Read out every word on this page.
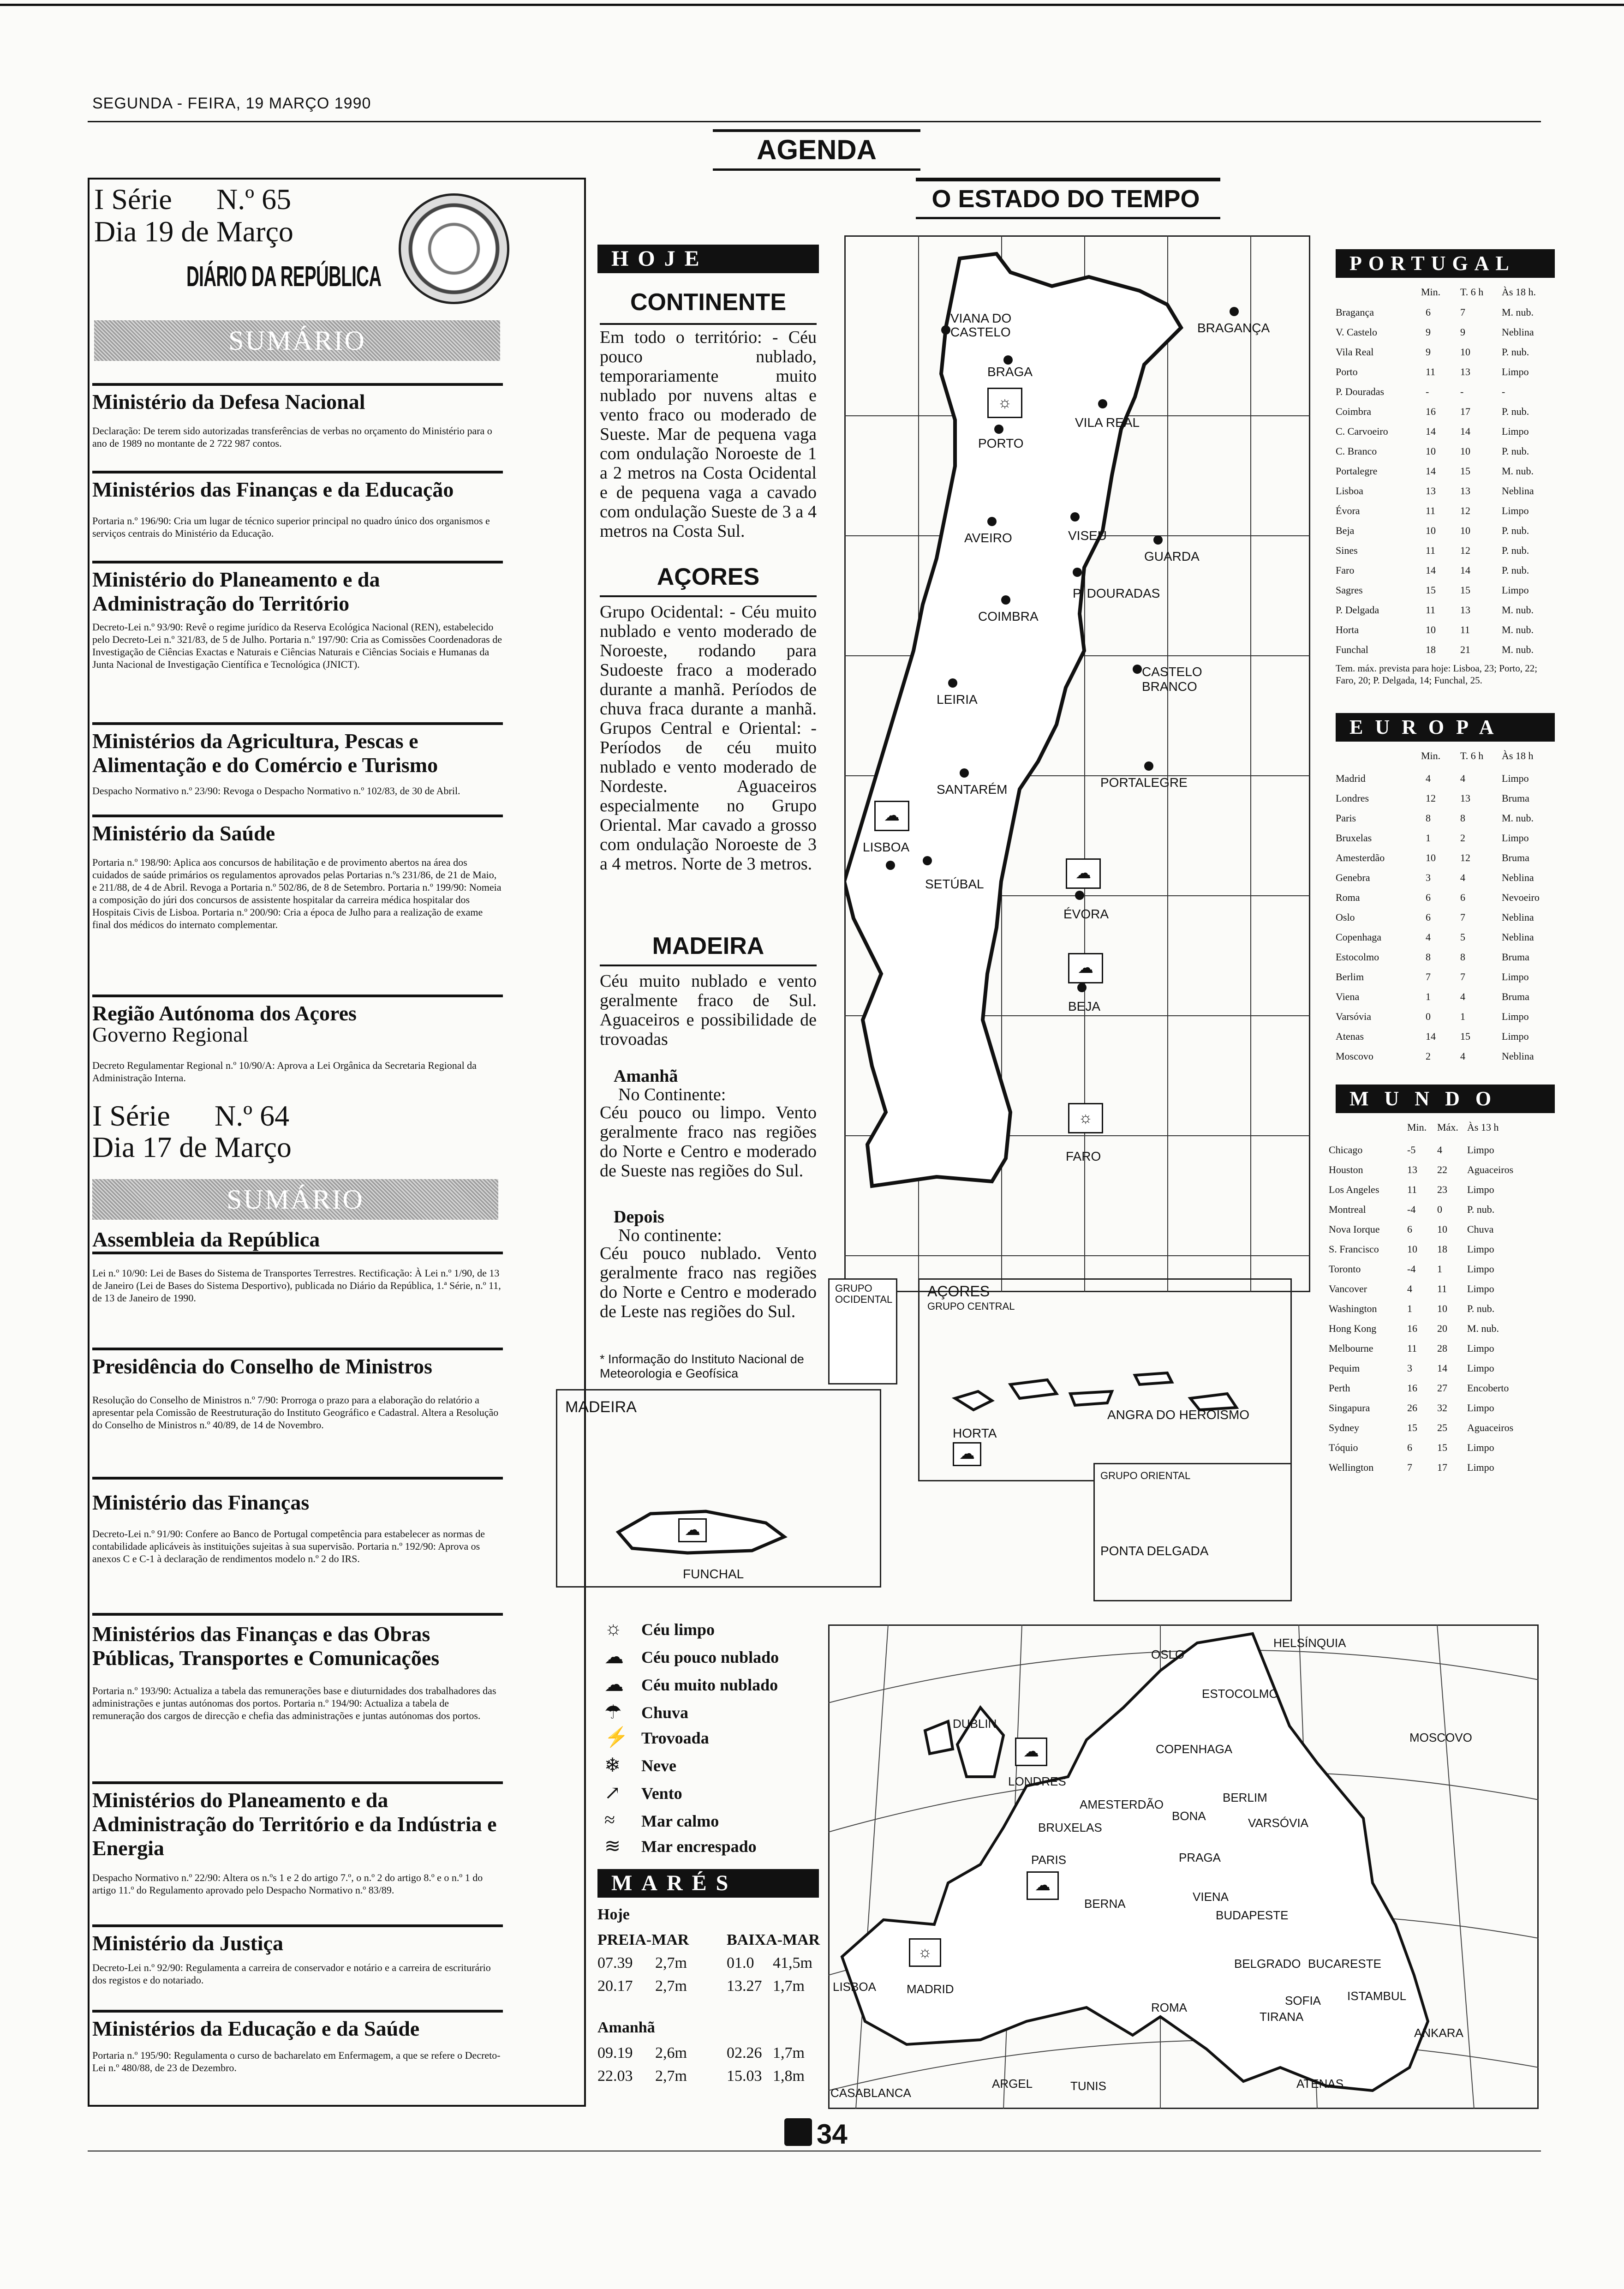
SEGUNDA - FEIRA, 19 MARÇO 1990
AGENDA
O ESTADO DO TEMPO
I Série N.º 65
Dia 19 de Março
DIÁRIO DA REPÚBLICA
SUMÁRIO
Ministério da Defesa Nacional
Declaração: De terem sido autorizadas transferências de verbas no orçamento do Ministério para o ano de 1989 no montante de 2 722 987 contos.
Ministérios das Finanças e da Educação
Portaria n.º 196/90: Cria um lugar de técnico superior principal no quadro único dos organismos e serviços centrais do Ministério da Educação.
Ministério do Planeamento e da Administração do Território
Decreto-Lei n.º 93/90: Revê o regime jurídico da Reserva Ecológica Nacional (REN), estabelecido pelo Decreto-Lei n.º 321/83, de 5 de Julho. Portaria n.º 197/90: Cria as Comissões Coordenadoras de Investigação de Ciências Exactas e Naturais e Ciências Naturais e Ciências Sociais e Humanas da Junta Nacional de Investigação Científica e Tecnológica (JNICT).
Ministérios da Agricultura, Pescas e Alimentação e do Comércio e Turismo
Despacho Normativo n.º 23/90: Revoga o Despacho Normativo n.º 102/83, de 30 de Abril.
Ministério da Saúde
Portaria n.º 198/90: Aplica aos concursos de habilitação e de provimento abertos na área dos cuidados de saúde primários os regulamentos aprovados pelas Portarias n.ºs 231/86, de 21 de Maio, e 211/88, de 4 de Abril. Revoga a Portaria n.º 502/86, de 8 de Setembro. Portaria n.º 199/90: Nomeia a composição do júri dos concursos de assistente hospitalar da carreira médica hospitalar dos Hospitais Civis de Lisboa. Portaria n.º 200/90: Cria a época de Julho para a realização de exame final dos médicos do internato complementar.
Região Autónoma dos Açores
Governo Regional
Decreto Regulamentar Regional n.º 10/90/A: Aprova a Lei Orgânica da Secretaria Regional da Administração Interna.
I Série N.º 64
Dia 17 de Março
SUMÁRIO
Assembleia da República
Lei n.º 10/90: Lei de Bases do Sistema de Transportes Terrestres. Rectificação: À Lei n.º 1/90, de 13 de Janeiro (Lei de Bases do Sistema Desportivo), publicada no Diário da República, 1.ª Série, n.º 11, de 13 de Janeiro de 1990.
Presidência do Conselho de Ministros
Resolução do Conselho de Ministros n.º 7/90: Prorroga o prazo para a elaboração do relatório a apresentar pela Comissão de Reestruturação do Instituto Geográfico e Cadastral. Altera a Resolução do Conselho de Ministros n.º 40/89, de 14 de Novembro.
Ministério das Finanças
Decreto-Lei n.º 91/90: Confere ao Banco de Portugal competência para estabelecer as normas de contabilidade aplicáveis às instituições sujeitas à sua supervisão. Portaria n.º 192/90: Aprova os anexos C e C-1 à declaração de rendimentos modelo n.º 2 do IRS.
Ministérios das Finanças e das Obras Públicas, Transportes e Comunicações
Portaria n.º 193/90: Actualiza a tabela das remunerações base e diuturnidades dos trabalhadores das administrações e juntas autónomas dos portos. Portaria n.º 194/90: Actualiza a tabela de remuneração dos cargos de direcção e chefia das administrações e juntas autónomas dos portos.
Ministérios do Planeamento e da Administração do Território e da Indústria e Energia
Despacho Normativo n.º 22/90: Altera os n.ºs 1 e 2 do artigo 7.º, o n.º 2 do artigo 8.º e o n.º 1 do artigo 11.º do Regulamento aprovado pelo Despacho Normativo n.º 83/89.
Ministério da Justiça
Decreto-Lei n.º 92/90: Regulamenta a carreira de conservador e notário e a carreira de escriturário dos registos e do notariado.
Ministérios da Educação e da Saúde
Portaria n.º 195/90: Regulamenta o curso de bacharelato em Enfermagem, a que se refere o Decreto-Lei n.º 480/88, de 23 de Dezembro.
HOJE
CONTINENTE
Em todo o território: - Céu pouco nublado, temporariamente muito nublado por nuvens altas e vento fraco ou moderado de Sueste. Mar de pequena vaga com ondulação Noroeste de 1 a 2 metros na Costa Ocidental e de pequena vaga a cavado com ondulação Sueste de 3 a 4 metros na Costa Sul.
AÇORES
Grupo Ocidental: - Céu muito nublado e vento moderado de Noroeste, rodando para Sudoeste fraco a moderado durante a manhã. Períodos de chuva fraca durante a manhã. Grupos Central e Oriental: -Períodos de céu muito nublado e vento moderado de Nordeste. Aguaceiros especialmente no Grupo Oriental. Mar cavado a grosso com ondulação Noroeste de 3 a 4 metros. Norte de 3 metros.
MADEIRA
Céu muito nublado e vento geralmente fraco de Sul. Aguaceiros e possibilidade de trovoadas
Amanhã
No Continente:
Céu pouco ou limpo. Vento geralmente fraco nas regiões do Norte e Centro e moderado de Sueste nas regiões do Sul.
Depois
No continente:
Céu pouco nublado. Vento geralmente fraco nas regiões do Norte e Centro e moderado de Leste nas regiões do Sul.
* Informação do Instituto Nacional de Meteorologia e Geofísica
VIANA DO CASTELO
BRAGA
BRAGANÇA
☼
PORTO
VILA REAL
AVEIRO	VISEU
GUARDA
P. DOURADAS
COIMBRA
CASTELO BRANCO
LEIRIA
SANTARÉM	PORTALEGRE
☁
LISBOA
SETÚBAL
☁
ÉVORA
☁
BEJA
☼
FARO
GRUPO OCIDENTAL AÇORES
GRUPO CENTRAL
HORTA
☁
ANGRA DO HEROÍSMO
GRUPO ORIENTAL
PONTA DELGADA
MADEIRA
☁
FUNCHAL
☼ Céu limpo
☁ Céu pouco nublado
☁ Céu muito nublado
☂ Chuva
⚡ Trovoada
❄ Neve
↗ Vento
≈ Mar calmo
≋ Mar encrespado
MARÉS
Hoje
PREIA-MAR BAIXA-MAR
07.39 2,7m	01.0 41,5m
20.17 2,7m	13.27 1,7m
Amanhã
09.19 2,6m	02.26 1,7m
22.03 2,7m	15.03 1,8m
OSLO
HELSÍNQUIA
ESTOCOLMO
DUBLIN
COPENHAGA
MOSCOVO
LONDRES
AMESTERDÃO	BERLIM
BRUXELAS
BONA	VARSÓVIA
PARIS	PRAGA
BERNA	VIENA
BUDAPESTE
LISBOA	MADRID
BELGRADO BUCARESTE
SOFIA ISTAMBUL
ROMA
TIRANA
ANKARA
ARGEL	TUNIS
CASABLANCA
ATENAS
☼
☁
☁
PORTUGAL
Min. T. 6 h Às 18 h.
Bragança	6	7	M. nub.
V. Castelo	9	9	Neblina
Vila Real	9	10	P. nub.
Porto	11 13	Limpo
P. Douradas	-	-	-
Coimbra	16 17	P. nub.
C. Carvoeiro	14 14	Limpo
C. Branco	10 10	P. nub.
Portalegre	14 15	M. nub.
Lisboa	13 13	Neblina
Évora	11 12	Limpo
Beja	10 10	P. nub.
Sines	11 12	P. nub.
Faro	14 14	P. nub.
Sagres	15 15	Limpo
P. Delgada	11 13	M. nub.
Horta	10 11	M. nub.
Funchal	18 21	M. nub.
Tem. máx. prevista para hoje: Lisboa, 23; Porto, 22; Faro, 20; P. Delgada, 14; Funchal, 25.
EUROPA
Min. T. 6 h Às 18 h
Madrid	4	4	Limpo
Londres	12 13	Bruma
Paris	8	8	M. nub.
Bruxelas	1	2	Limpo
Amesterdão	10 12	Bruma
Genebra	3	4	Neblina
Roma	6	6	Nevoeiro
Oslo	6	7	Neblina
Copenhaga	4	5	Neblina
Estocolmo	8	8	Bruma
Berlim	7	7	Limpo
Viena	1	4	Bruma
Varsóvia	0	1	Limpo
Atenas	14 15	Limpo
Moscovo	2	4	Neblina
MUNDO
Min. Máx. Às 13 h
Chicago	-5 4 Limpo
Houston	13 22 Aguaceiros
Los Angeles	11 23 Limpo
Montreal	-4 0 P. nub.
Nova Iorque	6 10 Chuva
S. Francisco	10 18 Limpo
Toronto	-4 1 Limpo
Vancover	4 11 Limpo
Washington	1 10 P. nub.
Hong Kong	16 20 M. nub.
Melbourne	11 28 Limpo
Pequim	3 14 Limpo
Perth	16 27 Encoberto
Singapura	26 32 Limpo
Sydney	15 25 Aguaceiros
Tóquio	6 15 Limpo
Wellington	7 17 Limpo
34
